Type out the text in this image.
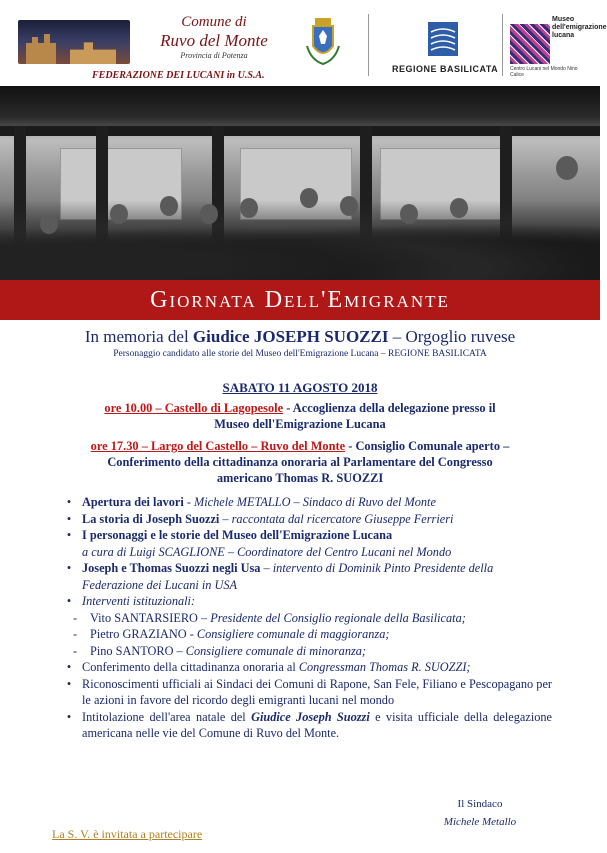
Comune di
Ruvo del Monte
Provincia di Potenza
FEDERAZIONE DEI LUCANI in U.S.A.
REGIONE BASILICATA
Museo
dell'emigrazione
lucana
Centro Lucani nel Mondo Nino Calice
Giornata Dell'Emigrante
In memoria del Giudice JOSEPH SUOZZI – Orgoglio ruvese
Personaggio candidato alle storie del Museo dell'Emigrazione Lucana – REGIONE BASILICATA
SABATO 11 AGOSTO 2018
ore 10.00 – Castello di Lagopesole - Accoglienza della delegazione presso il
Museo dell'Emigrazione Lucana
ore 17.30 – Largo del Castello – Ruvo del Monte - Consiglio Comunale aperto –
Conferimento della cittadinanza onoraria al Parlamentare del Congresso
americano Thomas R. SUOZZI

• Apertura dei lavori - Michele METALLO – Sindaco di Ruvo del Monte

• La storia di Joseph Suozzi – raccontata dal ricercatore Giuseppe Ferrieri

• I personaggi e le storie del Museo dell'Emigrazione Lucana
a cura di Luigi SCAGLIONE – Coordinatore del Centro Lucani nel Mondo

• Joseph e Thomas Suozzi negli Usa – intervento di Dominik Pinto Presidente della Federazione dei Lucani in USA

• Interventi istituzionali:

-	Vito SANTARSIERO – Presidente del Consiglio regionale della Basilicata;

-	Pietro GRAZIANO - Consigliere comunale di maggioranza;

-	Pino SANTORO – Consigliere comunale di minoranza;

• Conferimento della cittadinanza onoraria al Congressman Thomas R. SUOZZI;

• Riconoscimenti ufficiali ai Sindaci dei Comuni di Rapone, San Fele, Filiano e Pescopagano per le azioni in favore del ricordo degli emigranti lucani nel mondo

• Intitolazione dell'area natale del Giudice Joseph Suozzi e visita ufficiale della delegazione americana nelle vie del Comune di Ruvo del Monte.

Il Sindaco
Michele Metallo
La S. V. è invitata a partecipare
